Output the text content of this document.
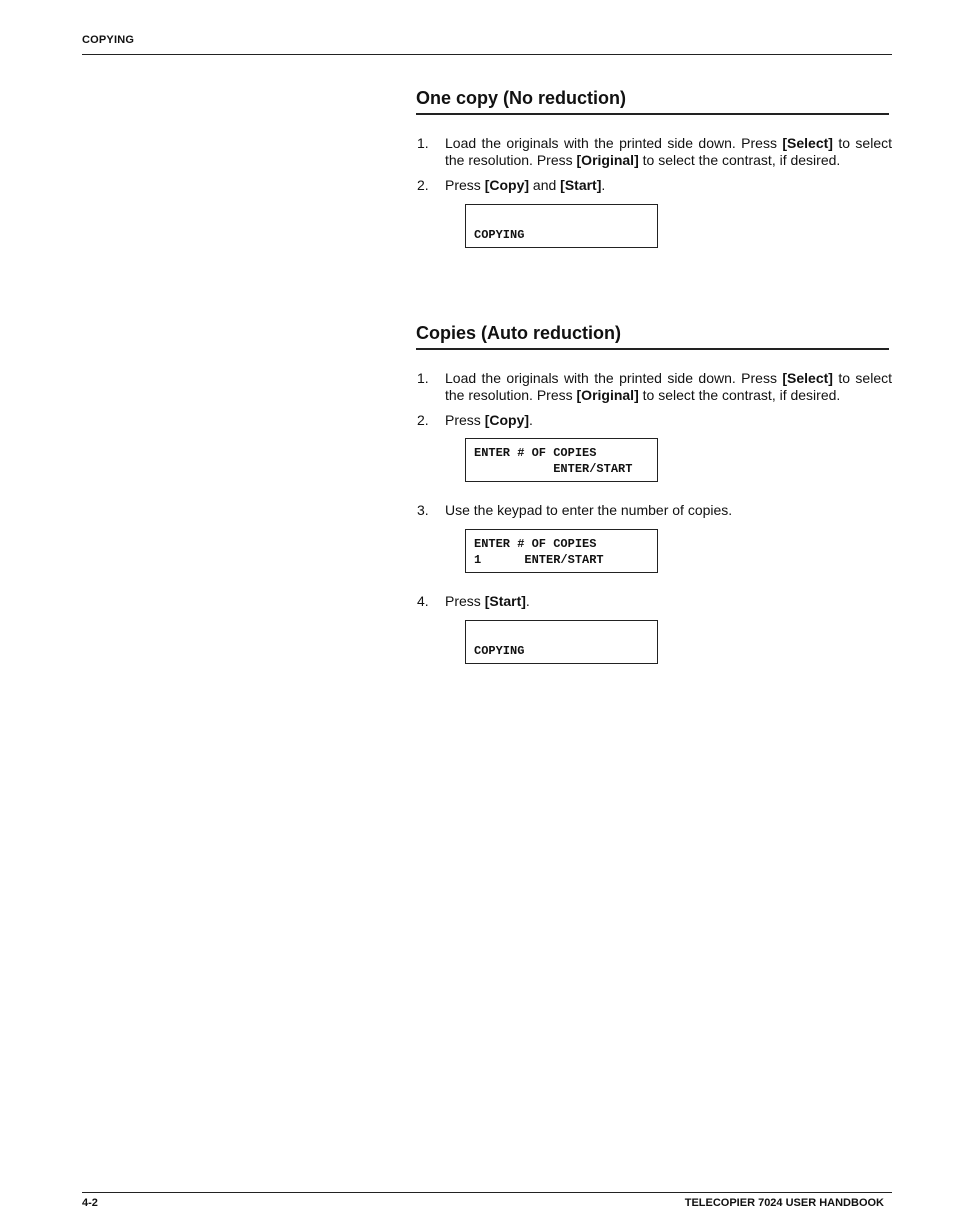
COPYING
One copy (No reduction)
1. Load the originals with the printed side down. Press [Select] to select the resolution. Press [Original] to select the contrast, if desired.
2. Press [Copy] and [Start].

COPYING
Copies (Auto reduction)
1. Load the originals with the printed side down. Press [Select] to select the resolution. Press [Original] to select the contrast, if desired.
2. Press [Copy].
ENTER # OF COPIES
ENTER/START
3. Use the keypad to enter the number of copies.
ENTER # OF COPIES
1      ENTER/START
4. Press [Start].

COPYING
4-2	TELECOPIER 7024 USER HANDBOOK
